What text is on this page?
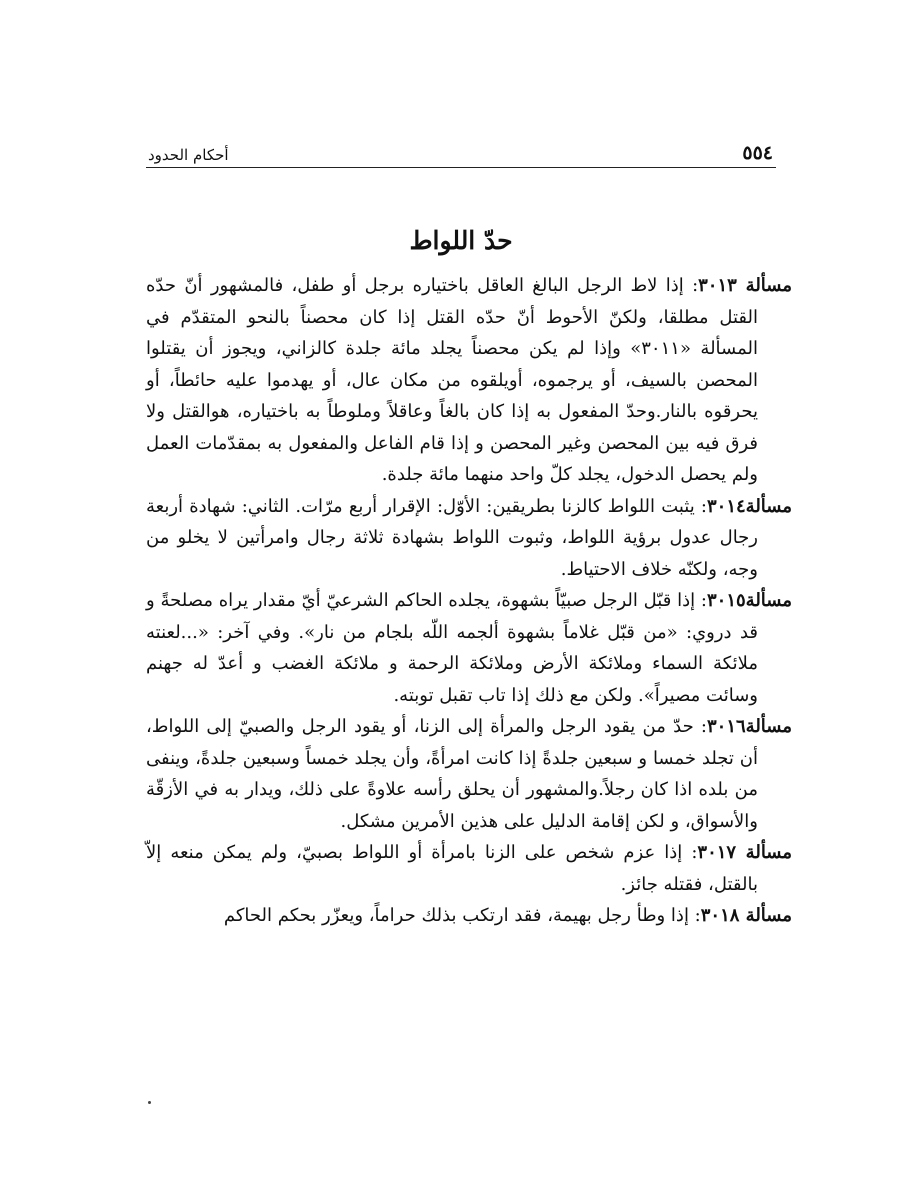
أحكام الحدود	٥٥٤
حدّ اللواط

مسألة ٣٠١٣: إذا لاط الرجل البالغ العاقل باختياره برجل أو طفل، فالمشهور أنّ حدّه القتل مطلقا، ولكنّ الأحوط أنّ حدّه القتل إذا كان محصناً بالنحو المتقدّم في المسألة «٣٠١١» وإذا لم يكن محصناً يجلد مائة جلدة كالزاني، ويجوز أن يقتلوا المحصن بالسيف، أو يرجموه، أويلقوه من مكان عال، أو يهدموا عليه حائطاً، أو يحرقوه بالنار.وحدّ المفعول به إذا كان بالغاً وعاقلاً وملوطاً به باختياره، هوالقتل ولا فرق فيه بين المحصن وغير المحصن و إذا قام الفاعل والمفعول به بمقدّمات العمل ولم يحصل الدخول، يجلد كلّ واحد منهما مائة جلدة.

مسألة٣٠١٤: يثبت اللواط كالزنا بطريقين: الأوّل: الإقرار أربع مرّات. الثاني: شهادة أربعة رجال عدول برؤية اللواط، وثبوت اللواط بشهادة ثلاثة رجال وامرأتين لا يخلو من وجه، ولكنّه خلاف الاحتياط.

مسألة٣٠١٥: إذا قبّل الرجل صبيّاً بشهوة، يجلده الحاكم الشرعيّ أيّ مقدار يراه مصلحةً و قد دروي: «من قبّل غلاماً بشهوة ألجمه اللّه بلجام من نار». وفي آخر: «...لعنته ملائكة السماء وملائكة الأرض وملائكة الرحمة و ملائكة الغضب و أعدّ له جهنم وسائت مصيراً». ولكن مع ذلك إذا تاب تقبل توبته.

مسألة٣٠١٦: حدّ من يقود الرجل والمرأة إلى الزنا، أو يقود الرجل والصبيّ إلى اللواط، أن تجلد خمسا و سبعين جلدةً إذا كانت امرأةً، وأن يجلد خمساً وسبعين جلدةً، وينفى من بلده اذا كان رجلاً.والمشهور أن يحلق رأسه علاوةً على ذلك، ويدار به في الأزقّة والأسواق، و لكن إقامة الدليل على هذين الأمرين مشكل.

مسألة ٣٠١٧: إذا عزم شخص على الزنا بامرأة أو اللواط بصبيّ، ولم يمكن منعه إلاّ بالقتل، فقتله جائز.

مسألة ٣٠١٨: إذا وطأ رجل بهيمة، فقد ارتكب بذلك حراماً، ويعزّر بحكم الحاكم
